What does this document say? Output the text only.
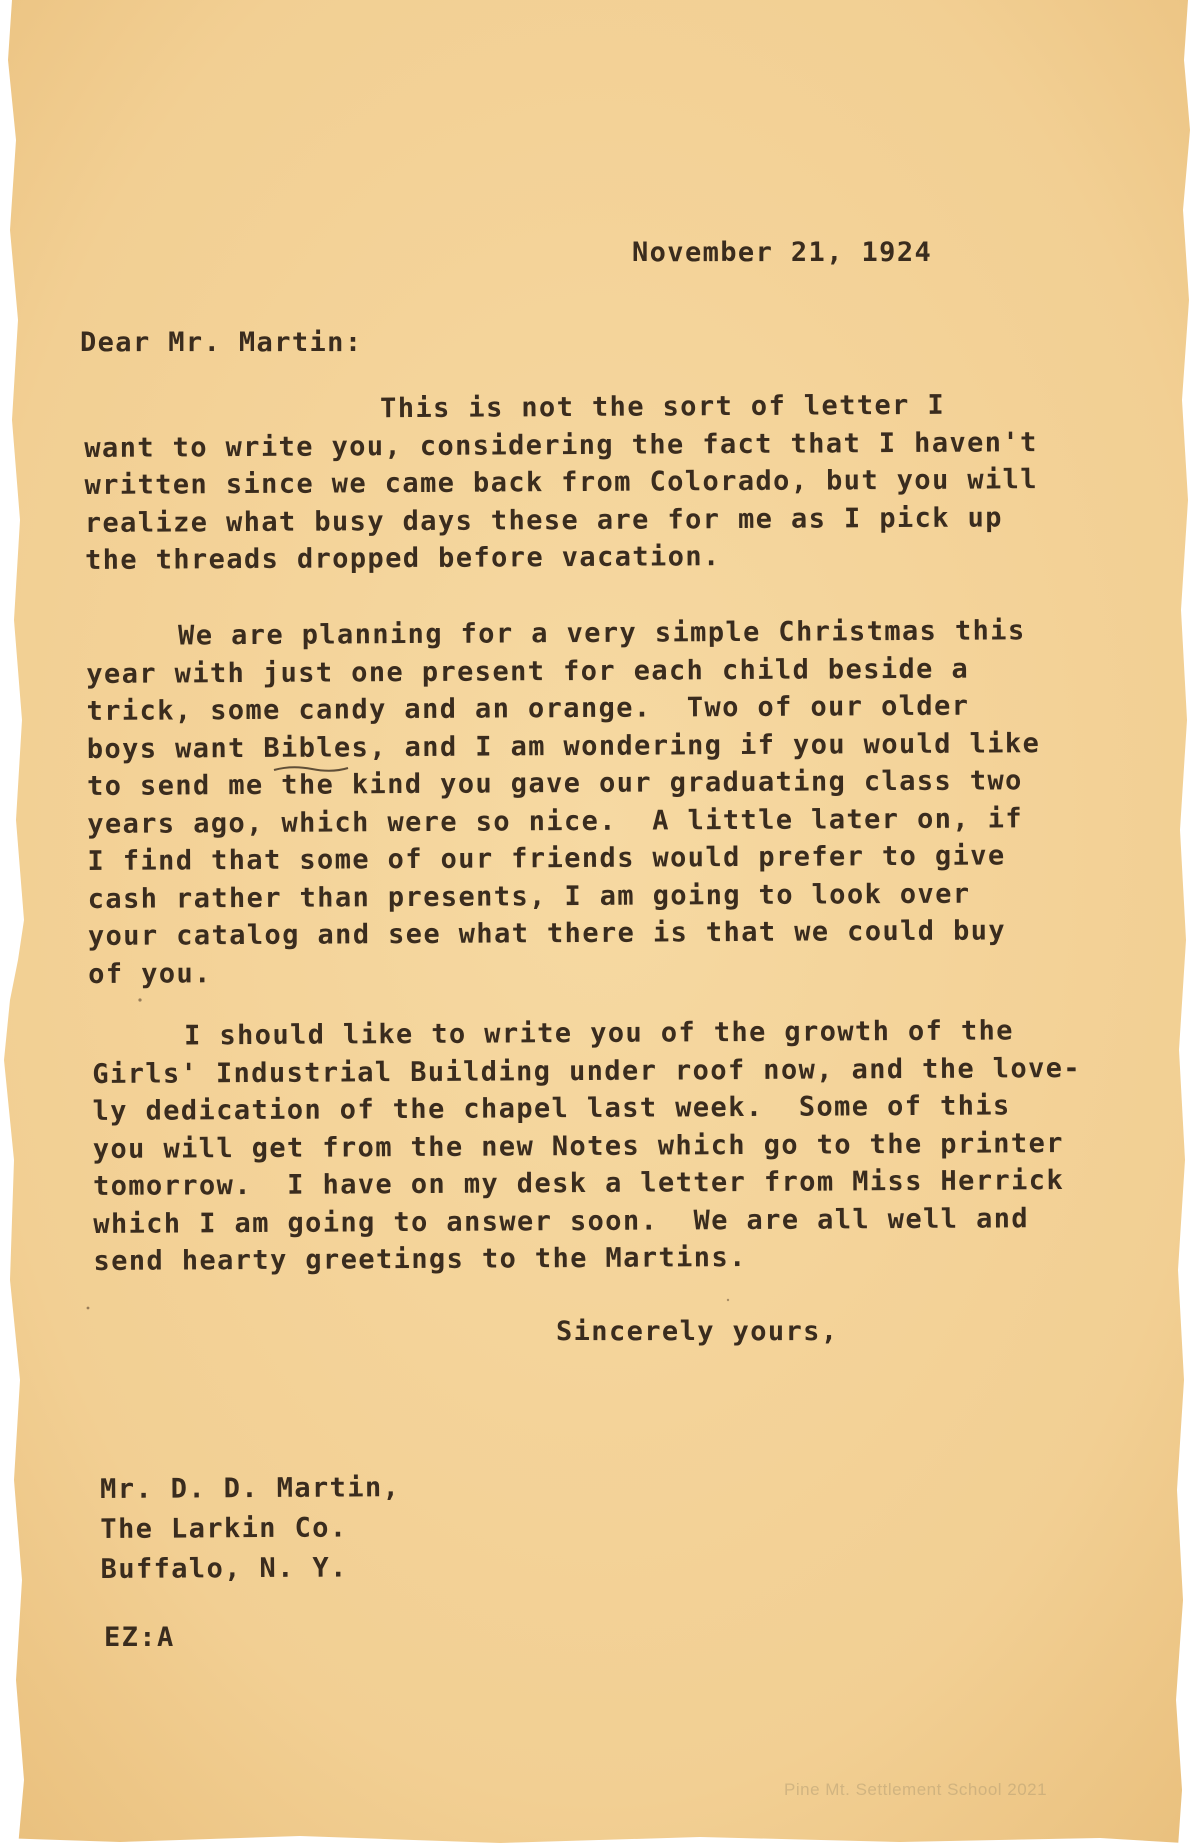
November 21, 1924
Dear Mr. Martin:
This is not the sort of letter I
want to write you, considering the fact that I haven't
written since we came back from Colorado, but you will
realize what busy days these are for me as I pick up
the threads dropped before vacation.
We are planning for a very simple Christmas this
year with just one present for each child beside a
trick, some candy and an orange.  Two of our older
boys want Bibles, and I am wondering if you would like
to send me the kind you gave our graduating class two
years ago, which were so nice.  A little later on, if
I find that some of our friends would prefer to give
cash rather than presents, I am going to look over
your catalog and see what there is that we could buy
of you.
I should like to write you of the growth of the
Girls' Industrial Building under roof now, and the love-
ly dedication of the chapel last week.  Some of this
you will get from the new Notes which go to the printer
tomorrow.  I have on my desk a letter from Miss Herrick
which I am going to answer soon.  We are all well and
send hearty greetings to the Martins.
Sincerely yours,
Mr. D. D. Martin,
The Larkin Co.
Buffalo, N. Y.
EZ:A
Pine Mt. Settlement School 2021
